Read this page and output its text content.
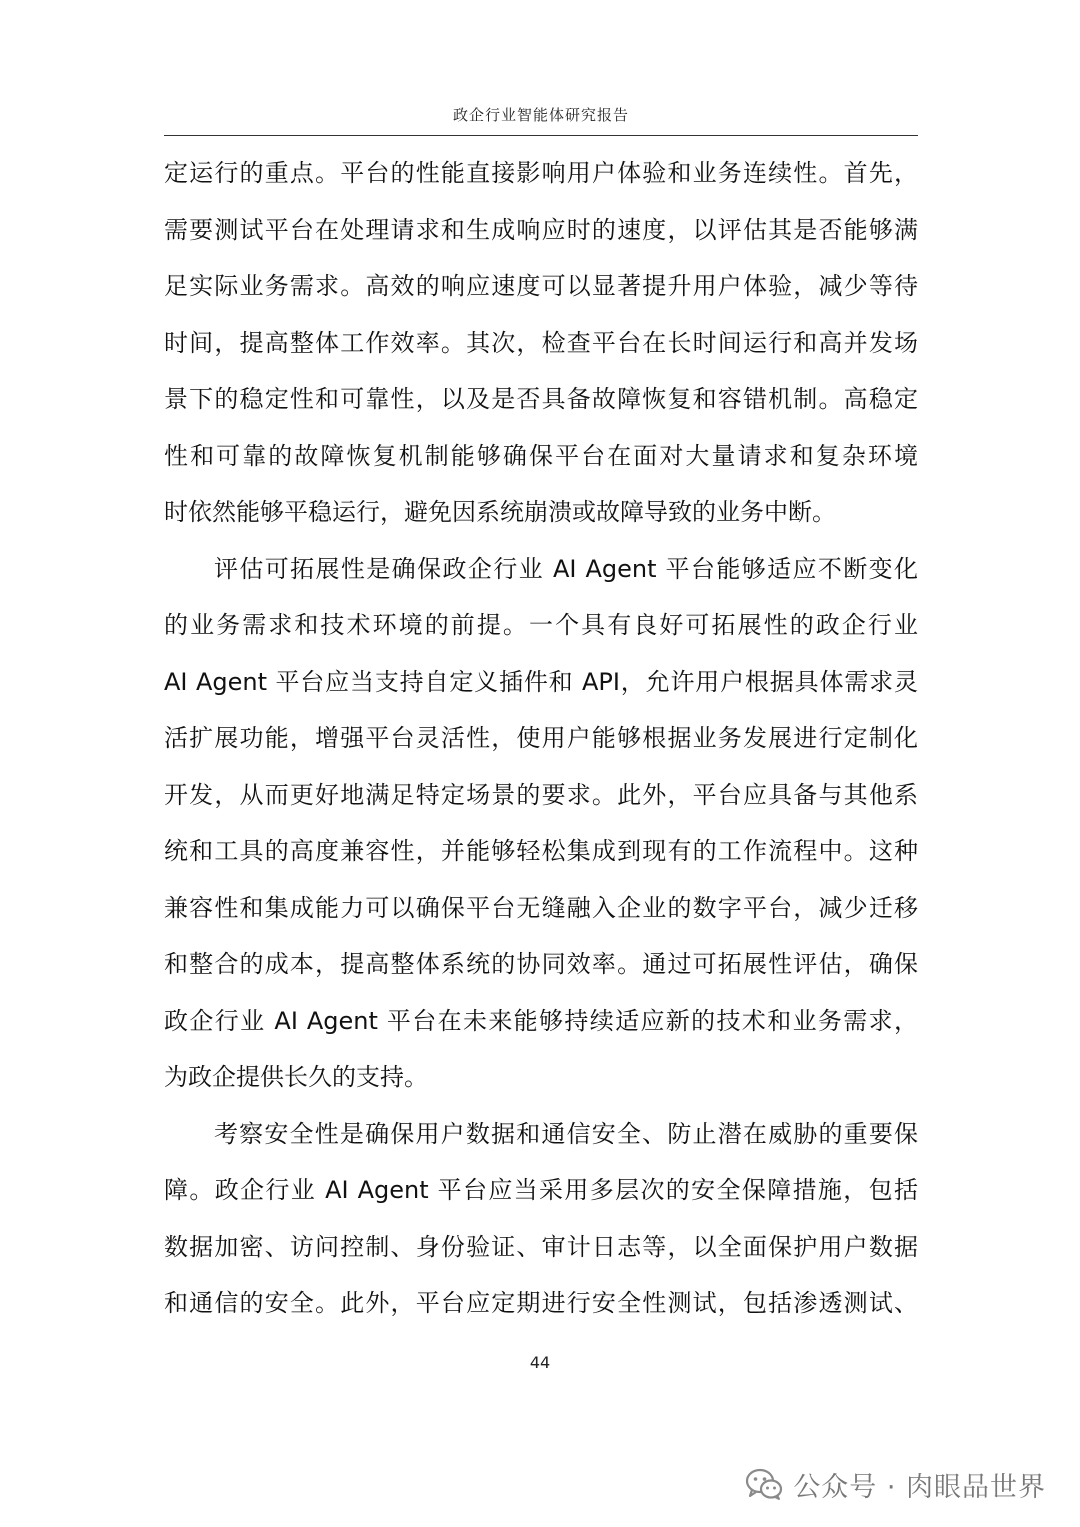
政企行业智能体研究报告
定运行的重点。平台的性能直接影响用户体验和业务连续性。首先，
需要测试平台在处理请求和生成响应时的速度，以评估其是否能够满
足实际业务需求。高效的响应速度可以显著提升用户体验，减少等待
时间，提高整体工作效率。其次，检查平台在长时间运行和高并发场
景下的稳定性和可靠性，以及是否具备故障恢复和容错机制。高稳定
性和可靠的故障恢复机制能够确保平台在面对大量请求和复杂环境
时依然能够平稳运行，避免因系统崩溃或故障导致的业务中断。
评估可拓展性是确保政企行业 AI Agent 平台能够适应不断变化
的业务需求和技术环境的前提。一个具有良好可拓展性的政企行业
AI Agent 平台应当支持自定义插件和 API，允许用户根据具体需求灵
活扩展功能，增强平台灵活性，使用户能够根据业务发展进行定制化
开发，从而更好地满足特定场景的要求。此外，平台应具备与其他系
统和工具的高度兼容性，并能够轻松集成到现有的工作流程中。这种
兼容性和集成能力可以确保平台无缝融入企业的数字平台，减少迁移
和整合的成本，提高整体系统的协同效率。通过可拓展性评估，确保
政企行业 AI Agent 平台在未来能够持续适应新的技术和业务需求，
为政企提供长久的支持。
考察安全性是确保用户数据和通信安全、防止潜在威胁的重要保
障。政企行业 AI Agent 平台应当采用多层次的安全保障措施，包括
数据加密、访问控制、身份验证、审计日志等，以全面保护用户数据
和通信的安全。此外，平台应定期进行安全性测试，包括渗透测试、
44
公众号 · 肉眼品世界
